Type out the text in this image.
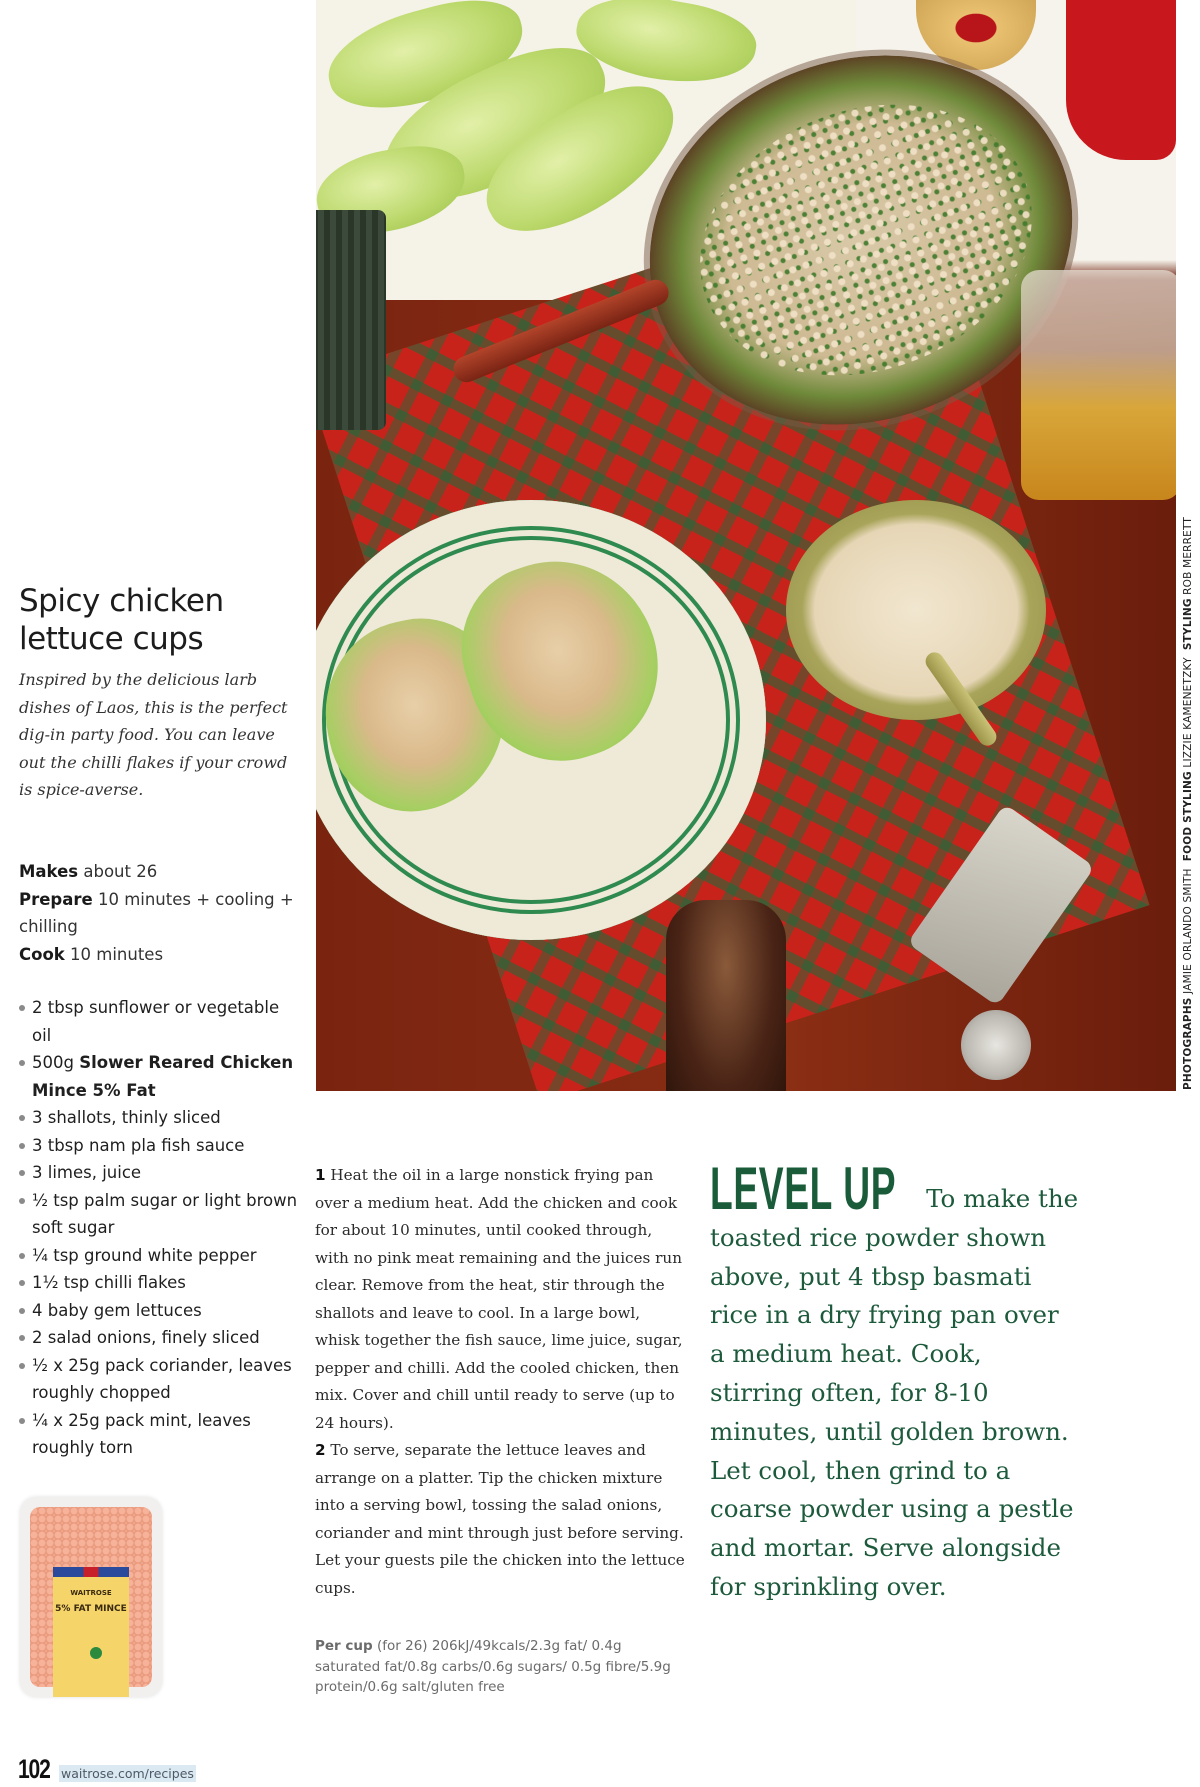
PHOTOGRAPHS JAMIE ORLANDO SMITH  FOOD STYLING LIZZIE KAMENETZKY  STYLING ROB MERRETT
Spicy chicken
lettuce cups

Inspired by the delicious larb dishes of Laos, this is the perfect dig-in party food. You can leave out the chilli flakes if your crowd is spice-averse.

Makes about 26
Prepare 10 minutes + cooling + chilling
Cook 10 minutes
2 tbsp sunflower or vegetable oil
500g Slower Reared Chicken Mince 5% Fat
3 shallots, thinly sliced
3 tbsp nam pla fish sauce
3 limes, juice
½ tsp palm sugar or light brown soft sugar
¼ tsp ground white pepper
1½ tsp chilli flakes
4 baby gem lettuces
2 salad onions, finely sliced
½ x 25g pack coriander, leaves roughly chopped
¼ x 25g pack mint, leaves roughly torn
WAITROSE
5% FAT MINCE
102 waitrose.com/recipes

1 Heat the oil in a large nonstick frying pan over a medium heat. Add the chicken and cook for about 10 minutes, until cooked through, with no pink meat remaining and the juices run clear. Remove from the heat, stir through the shallots and leave to cool. In a large bowl, whisk together the fish sauce, lime juice, sugar, pepper and chilli. Add the cooled chicken, then mix. Cover and chill until ready to serve (up to 24 hours).

2 To serve, separate the lettuce leaves and arrange on a platter. Tip the chicken mixture into a serving bowl, tossing the salad onions, coriander and mint through just before serving. Let your guests pile the chicken into the lettuce cups.

Per cup (for 26) 206kJ/49kcals/2.3g fat/ 0.4g saturated fat/0.8g carbs/0.6g sugars/ 0.5g fibre/5.9g protein/0.6g salt/gluten free
LEVEL UP To make the toasted rice powder shown above, put 4 tbsp basmati rice in a dry frying pan over a medium heat. Cook, stirring often, for 8-10 minutes, until golden brown. Let cool, then grind to a coarse powder using a pestle and mortar. Serve alongside for sprinkling over.
